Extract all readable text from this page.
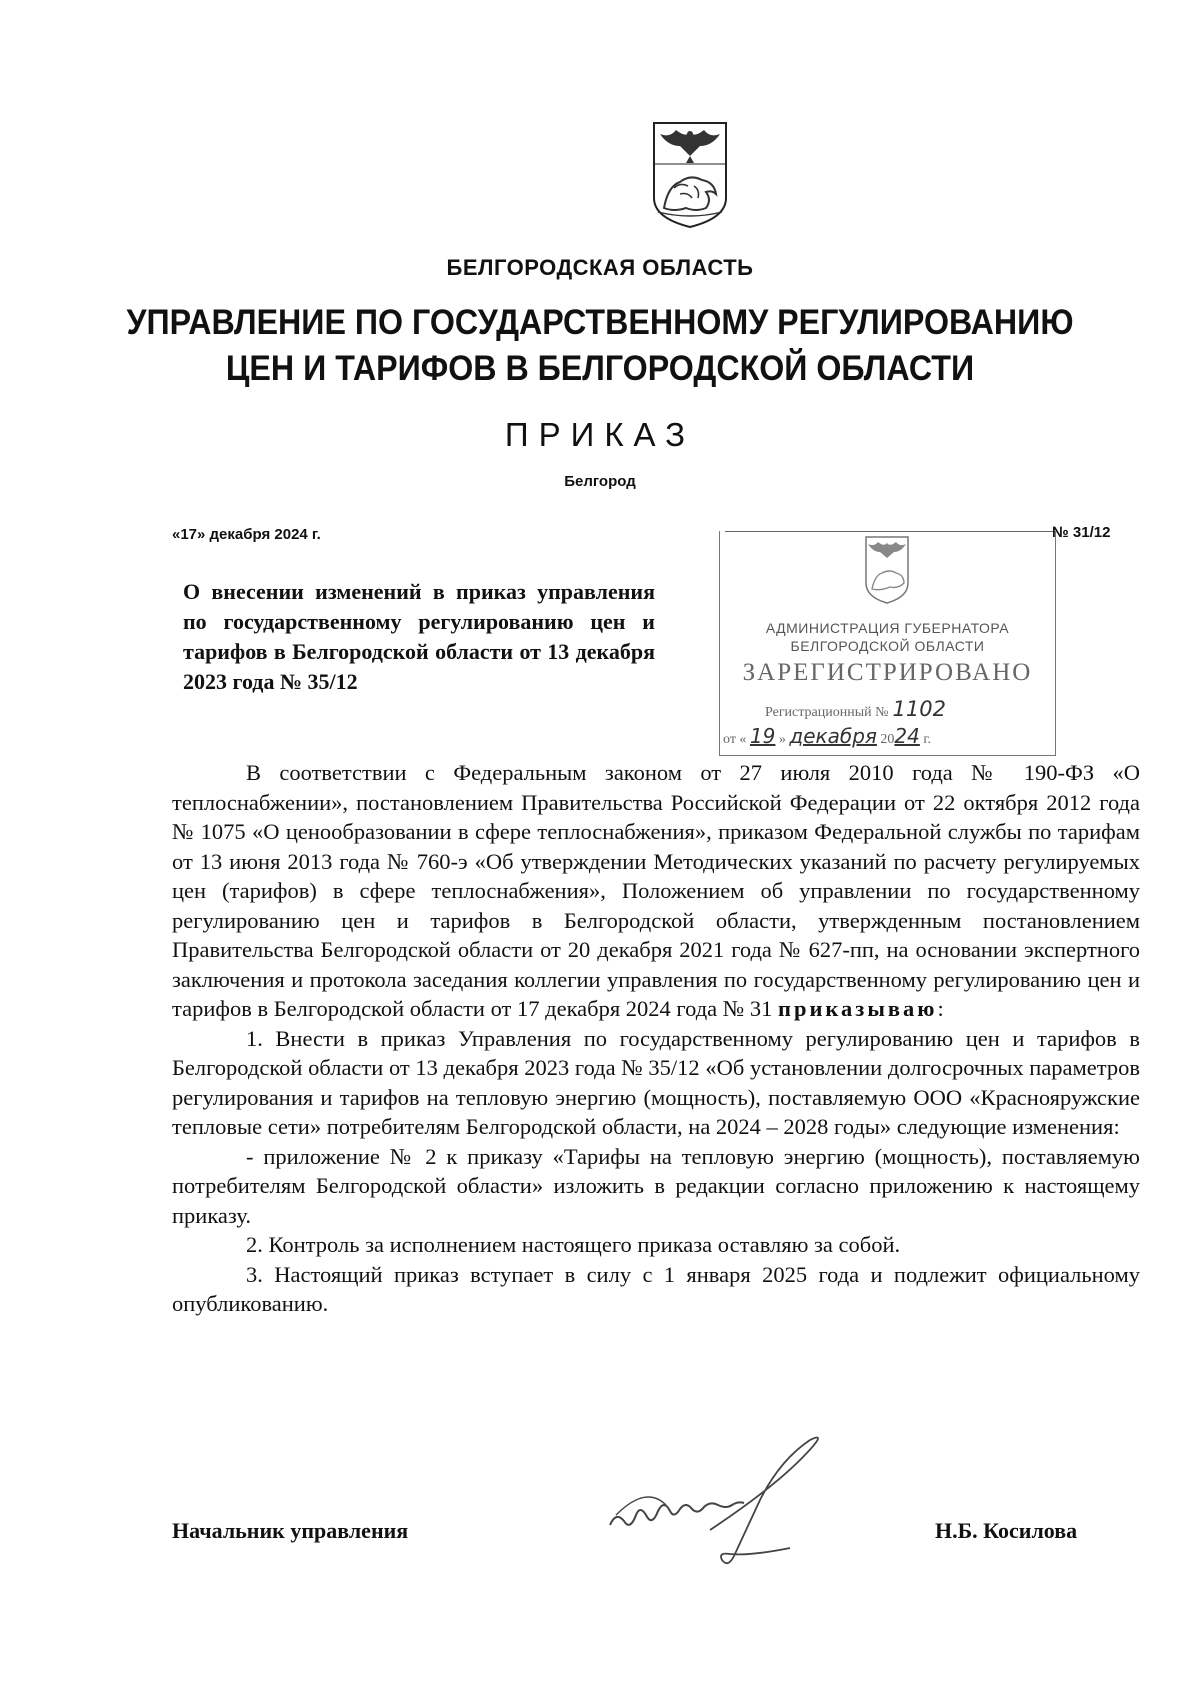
БЕЛГОРОДСКАЯ ОБЛАСТЬ
УПРАВЛЕНИЕ ПО ГОСУДАРСТВЕННОМУ РЕГУЛИРОВАНИЮ
ЦЕН И ТАРИФОВ В БЕЛГОРОДСКОЙ ОБЛАСТИ
ПРИКАЗ
Белгород
«17» декабря 2024 г.	№ 31/12
О внесении изменений в приказ управления по государственному регулированию цен и тарифов в Белгородской области от 13 декабря 2023 года № 35/12
АДМИНИСТРАЦИЯ ГУБЕРНАТОРА
БЕЛГОРОДСКОЙ ОБЛАСТИ
ЗАРЕГИСТРИРОВАНО
Регистрационный № 1102
от « 19 » декабря 2024 г.

В соответствии с Федеральным законом от 27 июля 2010 года № 190-ФЗ «О теплоснабжении», постановлением Правительства Российской Федерации от 22 октября 2012 года № 1075 «О ценообразовании в сфере теплоснабжения», приказом Федеральной службы по тарифам от 13 июня 2013 года № 760-э «Об утверждении Методических указаний по расчету регулируемых цен (тарифов) в сфере теплоснабжения», Положением об управлении по государственному регулированию цен и тарифов в Белгородской области, утвержденным постановлением Правительства Белгородской области от 20 декабря 2021 года № 627-пп, на основании экспертного заключения и протокола заседания коллегии управления по государственному регулированию цен и тарифов в Белгородской области от 17 декабря 2024 года № 31 приказываю:

1. Внести в приказ Управления по государственному регулированию цен и тарифов в Белгородской области от 13 декабря 2023 года № 35/12 «Об установлении долгосрочных параметров регулирования и тарифов на тепловую энергию (мощность), поставляемую ООО «Краснояружские тепловые сети» потребителям Белгородской области, на 2024 – 2028 годы» следующие изменения:

- приложение № 2 к приказу «Тарифы на тепловую энергию (мощность), поставляемую потребителям Белгородской области» изложить в редакции согласно приложению к настоящему приказу.

2. Контроль за исполнением настоящего приказа оставляю за собой.

3. Настоящий приказ вступает в силу с 1 января 2025 года и подлежит официальному опубликованию.

Начальник управления	Н.Б. Косилова
